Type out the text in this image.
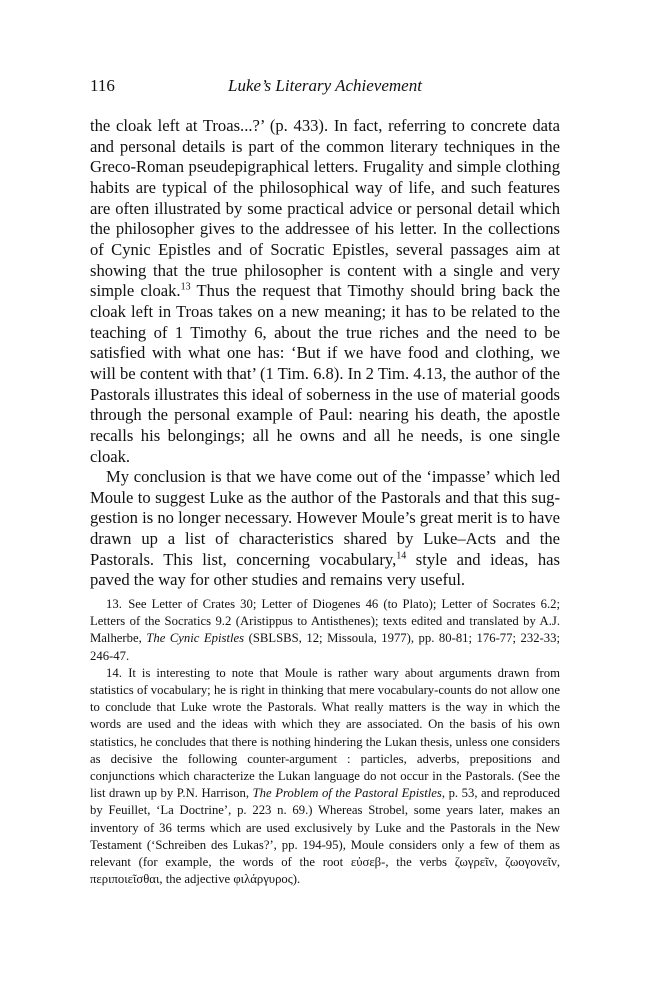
116	Luke’s Literary Achievement

the cloak left at Troas...?’ (p. 433). In fact, referring to concrete data and personal details is part of the common literary techniques in the Greco-Roman pseudepigraphical letters. Frugality and simple clothing habits are typical of the philosophical way of life, and such features are often illustrated by some practical advice or personal detail which the philosopher gives to the addressee of his letter. In the collections of Cynic Epistles and of Socratic Epistles, several passages aim at showing that the true philosopher is content with a single and very simple cloak.$^{13}$ Thus the request that Timothy should bring back the cloak left in Troas takes on a new meaning; it has to be related to the teaching of 1 Timothy 6, about the true riches and the need to be satisfied with what one has: ‘But if we have food and clothing, we will be content with that’ (1 Tim. 6.8). In 2 Tim. 4.13, the author of the Pastorals illustrates this ideal of soberness in the use of material goods through the personal example of Paul: nearing his death, the apostle recalls his belongings; all he owns and all he needs, is one single cloak.

My conclusion is that we have come out of the ‘impasse’ which led Moule to suggest Luke as the author of the Pastorals and that this suggestion is no longer necessary. However Moule’s great merit is to have drawn up a list of characteristics shared by Luke–Acts and the Pastorals. This list, concerning vocabulary,$^{14}$ style and ideas, has paved the way for other studies and remains very useful.

13. See Letter of Crates 30; Letter of Diogenes 46 (to Plato); Letter of Socrates 6.2; Letters of the Socratics 9.2 (Aristippus to Antisthenes); texts edited and translated by A.J. Malherbe, The Cynic Epistles (SBLSBS, 12; Missoula, 1977), pp. 80-81; 176-77; 232-33; 246-47.

14. It is interesting to note that Moule is rather wary about arguments drawn from statistics of vocabulary; he is right in thinking that mere vocabulary-counts do not allow one to conclude that Luke wrote the Pastorals. What really matters is the way in which the words are used and the ideas with which they are associated. On the basis of his own statistics, he concludes that there is nothing hindering the Lukan thesis, unless one considers as decisive the following counter-argument : particles, adverbs, prepositions and conjunctions which characterize the Lukan language do not occur in the Pastorals. (See the list drawn up by P.N. Harrison, The Problem of the Pastoral Epistles, p. 53, and reproduced by Feuillet, ‘La Doctrine’, p. 223 n. 69.) Whereas Strobel, some years later, makes an inventory of 36 terms which are used exclusively by Luke and the Pastorals in the New Testament (‘Schreiben des Lukas?’, pp. 194-95), Moule considers only a few of them as relevant (for example, the words of the root εὐσεβ-, the verbs ζωγρεῖν, ζωογονεῖν, περιποιεῖσθαι, the adjective φιλάργυρος).
